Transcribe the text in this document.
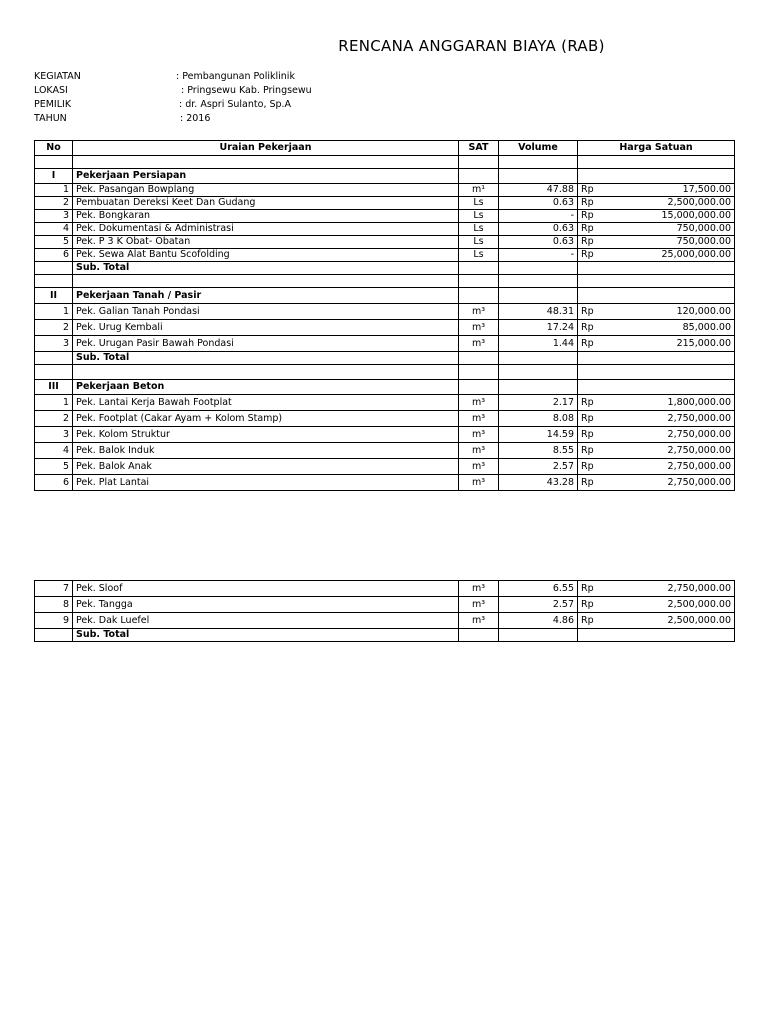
RENCANA ANGGARAN BIAYA (RAB)
KEGIATAN	: Pembangunan Poliklinik
LOKASI	: Pringsewu Kab. Pringsewu
PEMILIK	: dr. Aspri Sulanto, Sp.A
TAHUN	: 2016
No	Uraian Pekerjaan	SAT	Volume	Harga Satuan	

I	Pekerjaan Persiapan				
1	Pek. Pasangan Bowplang	m¹	47.88	Rp	17,500.00
2	Pembuatan Dereksi Keet Dan Gudang	Ls	0.63	Rp	2,500,000.00
3	Pek. Bongkaran	Ls	-	Rp	15,000,000.00
4	Pek. Dokumentasi & Administrasi	Ls	0.63	Rp	750,000.00
5	Pek. P 3 K Obat- Obatan	Ls	0.63	Rp	750,000.00
6	Pek. Sewa Alat Bantu Scofolding	Ls	-	Rp	25,000,000.00
	Sub. Total				

II	Pekerjaan Tanah / Pasir				
1	Pek. Galian Tanah Pondasi	m³	48.31	Rp	120,000.00
2	Pek. Urug Kembali	m³	17.24	Rp	85,000.00
3	Pek. Urugan Pasir Bawah Pondasi	m³	1.44	Rp	215,000.00
	Sub. Total				

III	Pekerjaan Beton				
1	Pek. Lantai Kerja Bawah Footplat	m³	2.17	Rp	1,800,000.00
2	Pek. Footplat (Cakar Ayam + Kolom Stamp)	m³	8.08	Rp	2,750,000.00
3	Pek. Kolom Struktur	m³	14.59	Rp	2,750,000.00
4	Pek. Balok Induk	m³	8.55	Rp	2,750,000.00
5	Pek. Balok Anak	m³	2.57	Rp	2,750,000.00
6	Pek. Plat Lantai	m³	43.28	Rp	2,750,000.00
7	Pek. Sloof	m³	6.55	Rp	2,750,000.00
8	Pek. Tangga	m³	2.57	Rp	2,500,000.00
9	Pek. Dak Luefel	m³	4.86	Rp	2,500,000.00
	Sub. Total				
